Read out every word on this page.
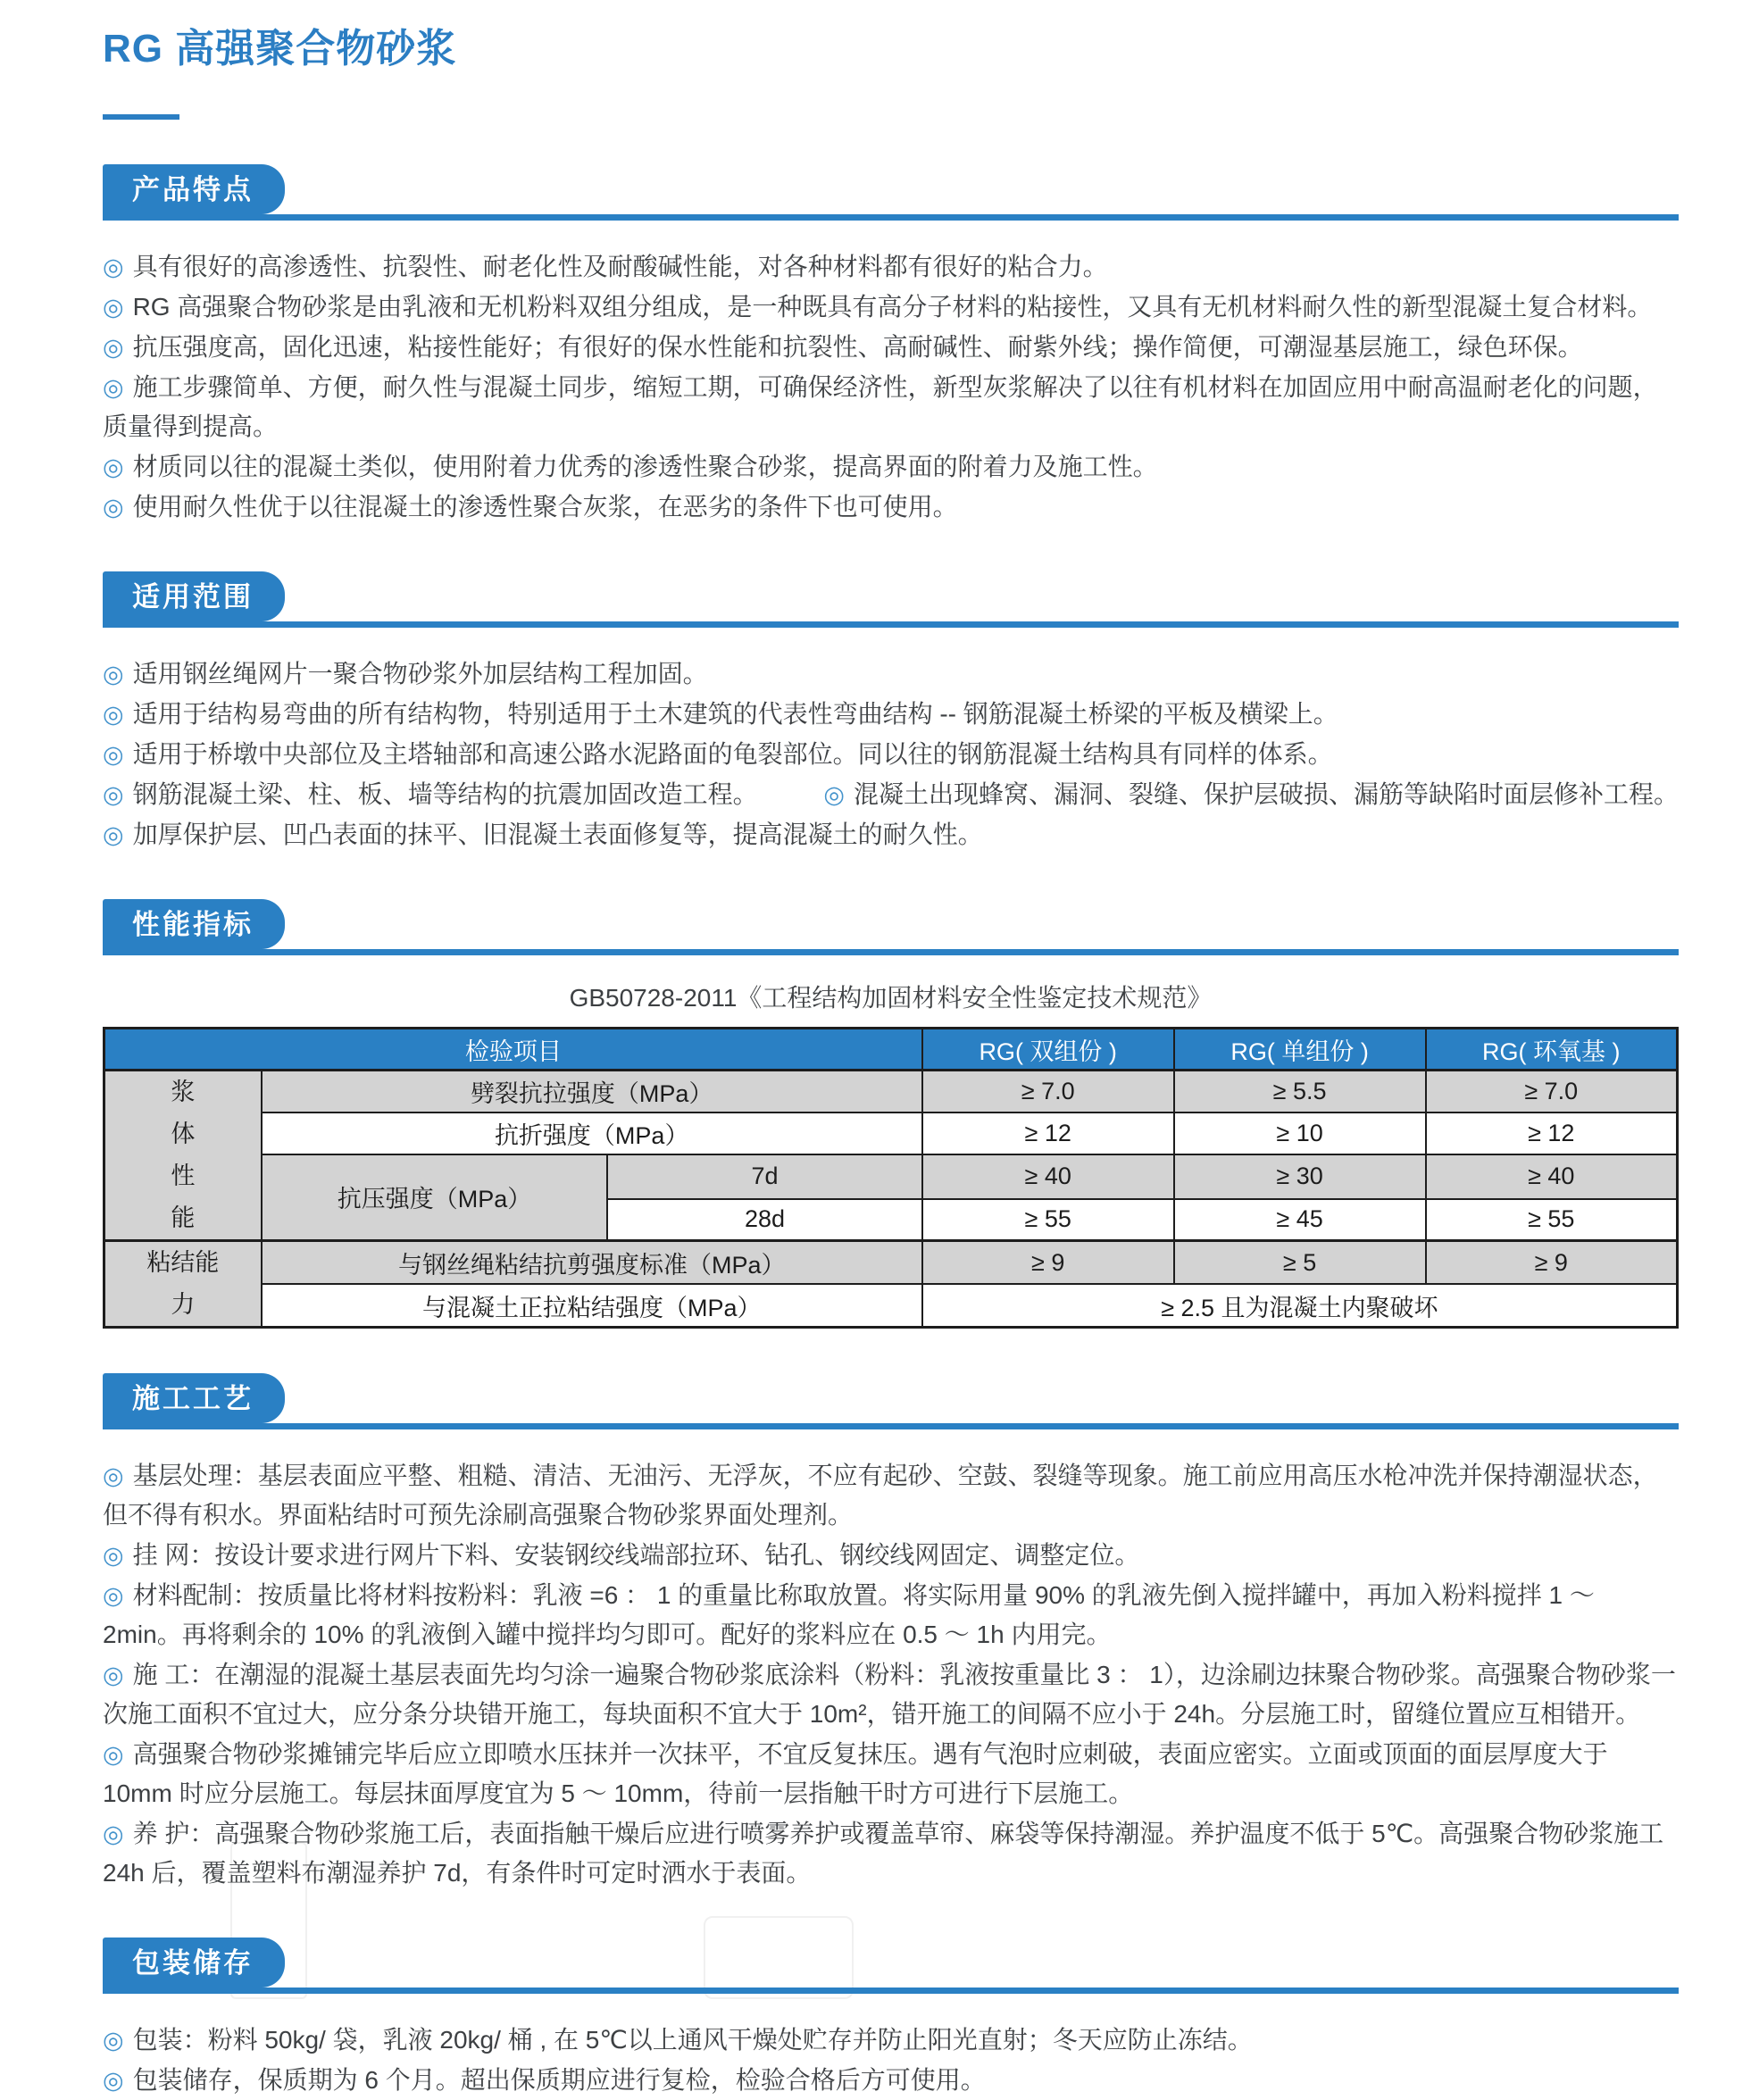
RG 高强聚合物砂浆
产品特点

◎ 具有很好的高渗透性、抗裂性、耐老化性及耐酸碱性能，对各种材料都有很好的粘合力。

◎ RG 高强聚合物砂浆是由乳液和无机粉料双组分组成，是一种既具有高分子材料的粘接性，又具有无机材料耐久性的新型混凝土复合材料。

◎ 抗压强度高，固化迅速，粘接性能好；有很好的保水性能和抗裂性、高耐碱性、耐紫外线；操作简便，可潮湿基层施工，绿色环保。

◎ 施工步骤简单、方便，耐久性与混凝土同步，缩短工期，可确保经济性，新型灰浆解决了以往有机材料在加固应用中耐高温耐老化的问题，质量得到提高。

◎ 材质同以往的混凝土类似，使用附着力优秀的渗透性聚合砂浆，提高界面的附着力及施工性。

◎ 使用耐久性优于以往混凝土的渗透性聚合灰浆，在恶劣的条件下也可使用。

适用范围

◎ 适用钢丝绳网片一聚合物砂浆外加层结构工程加固。

◎ 适用于结构易弯曲的所有结构物，特别适用于土木建筑的代表性弯曲结构 -- 钢筋混凝土桥梁的平板及横梁上。

◎ 适用于桥墩中央部位及主塔轴部和高速公路水泥路面的龟裂部位。同以往的钢筋混凝土结构具有同样的体系。

◎ 钢筋混凝土梁、柱、板、墙等结构的抗震加固改造工程。	◎ 混凝土出现蜂窝、漏洞、裂缝、保护层破损、漏筋等缺陷时面层修补工程。

◎ 加厚保护层、凹凸表面的抹平、旧混凝土表面修复等，提高混凝土的耐久性。

性能指标

GB50728-2011《工程结构加固材料安全性鉴定技术规范》

检验项目			RG( 双组份 )	RG( 单组份 )	RG( 环氧基 )

浆体性能	劈裂抗拉强度（MPa）		≥ 7.0	≥ 5.5	≥ 7.0
	抗折强度（MPa）		≥ 12	≥ 10	≥ 12
	抗压强度（MPa）	7d	≥ 40	≥ 30	≥ 40
		28d	≥ 55	≥ 45	≥ 55

粘结能力	与钢丝绳粘结抗剪强度标准（MPa）		≥ 9	≥ 5	≥ 9
	与混凝土正拉粘结强度（MPa）		≥ 2.5 且为混凝土内聚破坏		
施工工艺

◎ 基层处理：基层表面应平整、粗糙、清洁、无油污、无浮灰，不应有起砂、空鼓、裂缝等现象。施工前应用高压水枪冲洗并保持潮湿状态，但不得有积水。界面粘结时可预先涂刷高强聚合物砂浆界面处理剂。

◎ 挂 网：按设计要求进行网片下料、安装钢绞线端部拉环、钻孔、钢绞线网固定、调整定位。

◎ 材料配制：按质量比将材料按粉料：乳液 =6 ： 1 的重量比称取放置。将实际用量 90% 的乳液先倒入搅拌罐中，再加入粉料搅拌 1 ～ 2min。再将剩余的 10% 的乳液倒入罐中搅拌均匀即可。配好的浆料应在 0.5 ～ 1h 内用完。

◎ 施 工：在潮湿的混凝土基层表面先均匀涂一遍聚合物砂浆底涂料（粉料：乳液按重量比 3 ： 1），边涂刷边抹聚合物砂浆。高强聚合物砂浆一次施工面积不宜过大，应分条分块错开施工，每块面积不宜大于 10m²，错开施工的间隔不应小于 24h。分层施工时，留缝位置应互相错开。

◎ 高强聚合物砂浆摊铺完毕后应立即喷水压抹并一次抹平，不宜反复抹压。遇有气泡时应刺破，表面应密实。立面或顶面的面层厚度大于 10mm 时应分层施工。每层抹面厚度宜为 5 ～ 10mm，待前一层指触干时方可进行下层施工。

◎ 养 护：高强聚合物砂浆施工后，表面指触干燥后应进行喷雾养护或覆盖草帘、麻袋等保持潮湿。养护温度不低于 5℃。高强聚合物砂浆施工 24h 后，覆盖塑料布潮湿养护 7d，有条件时可定时洒水于表面。

包装储存

◎ 包装：粉料 50kg/ 袋，乳液 20kg/ 桶 , 在 5℃以上通风干燥处贮存并防止阳光直射；冬天应防止冻结。

◎ 包装储存，保质期为 6 个月。超出保质期应进行复检，检验合格后方可使用。
